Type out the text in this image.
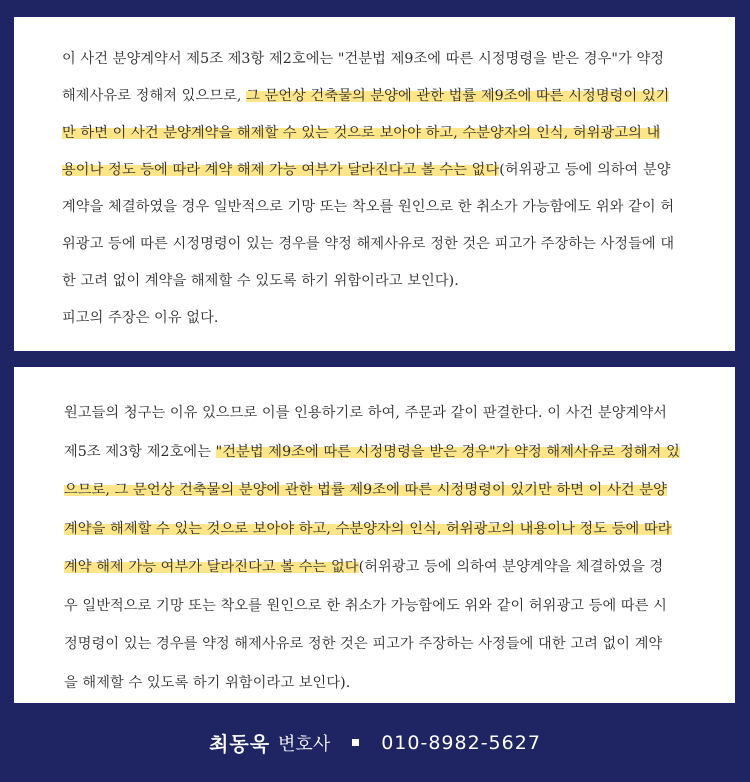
이 사건 분양계약서 제5조 제3항 제2호에는 "건분법 제9조에 따른 시정명령을 받은 경우"가 약정
해제사유로 정해져 있으므로, 그 문언상 건축물의 분양에 관한 법률 제9조에 따른 시정명령이 있기
만 하면 이 사건 분양계약을 해제할 수 있는 것으로 보아야 하고, 수분양자의 인식, 허위광고의 내
용이나 정도 등에 따라 계약 해제 가능 여부가 달라진다고 볼 수는 없다(허위광고 등에 의하여 분양
계약을 체결하였을 경우 일반적으로 기망 또는 착오를 원인으로 한 취소가 가능함에도 위와 같이 허
위광고 등에 따른 시정명령이 있는 경우를 약정 해제사유로 정한 것은 피고가 주장하는 사정들에 대
한 고려 없이 계약을 해제할 수 있도록 하기 위함이라고 보인다).
피고의 주장은 이유 없다.
원고들의 청구는 이유 있으므로 이를 인용하기로 하여, 주문과 같이 판결한다. 이 사건 분양계약서
제5조 제3항 제2호에는 "건분법 제9조에 따른 시정명령을 받은 경우"가 약정 해제사유로 정해져 있
으므로, 그 문언상 건축물의 분양에 관한 법률 제9조에 따른 시정명령이 있기만 하면 이 사건 분양
계약을 해제할 수 있는 것으로 보아야 하고, 수분양자의 인식, 허위광고의 내용이나 정도 등에 따라
계약 해제 가능 여부가 달라진다고 볼 수는 없다(허위광고 등에 의하여 분양계약을 체결하였을 경
우 일반적으로 기망 또는 착오를 원인으로 한 취소가 가능함에도 위와 같이 허위광고 등에 따른 시
정명령이 있는 경우를 약정 해제사유로 정한 것은 피고가 주장하는 사정들에 대한 고려 없이 계약
을 해제할 수 있도록 하기 위함이라고 보인다).
최동욱 변호사	010-8982-5627
